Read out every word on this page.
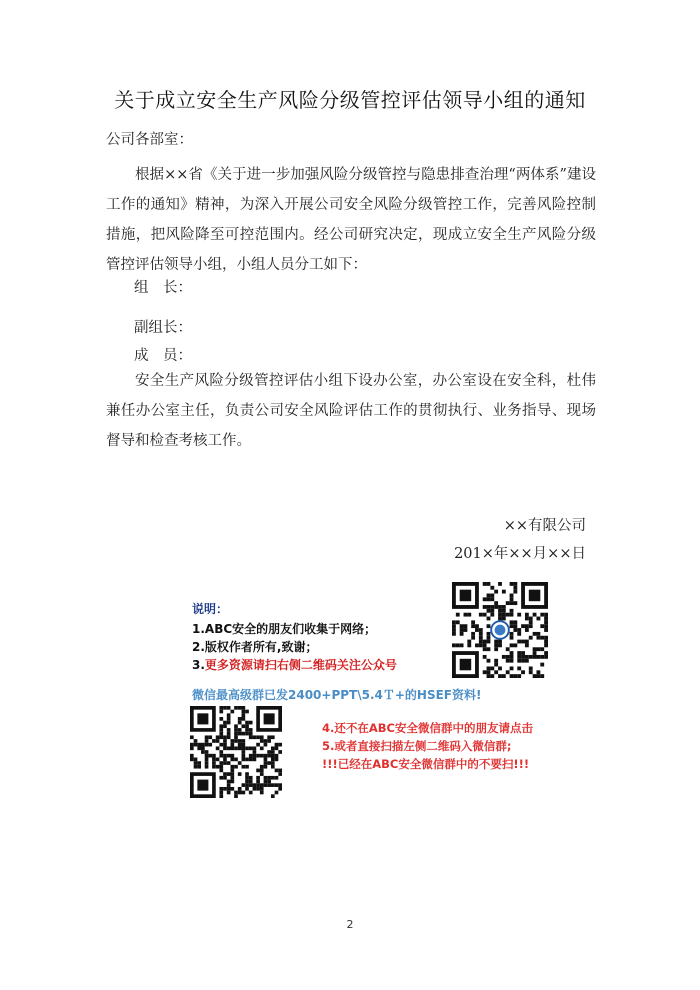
关于成立安全生产风险分级管控评估领导小组的通知
公司各部室：
根据××省《关于进一步加强风险分级管控与隐患排查治理“两体系”建设工作的通知》精神，为深入开展公司安全风险分级管控工作，完善风险控制措施，把风险降至可控范围内。经公司研究决定，现成立安全生产风险分级管控评估领导小组，小组人员分工如下：
组　长：
副组长：
成　员：
安全生产风险分级管控评估小组下设办公室，办公室设在安全科，杜伟兼任办公室主任，负责公司安全风险评估工作的贯彻执行、业务指导、现场督导和检查考核工作。
××有限公司
201×年××月××日
说明：
1.ABC安全的朋友们收集于网络；
2.版权作者所有,致谢；
3.更多资源请扫右侧二维码关注公众号
微信最高级群已发2400+PPT\5.4Ｔ+的HSEF资料!
4.还不在ABC安全微信群中的朋友请点击
5.或者直接扫描左侧二维码入微信群;
!!!已经在ABC安全微信群中的不要扫!!!
2
